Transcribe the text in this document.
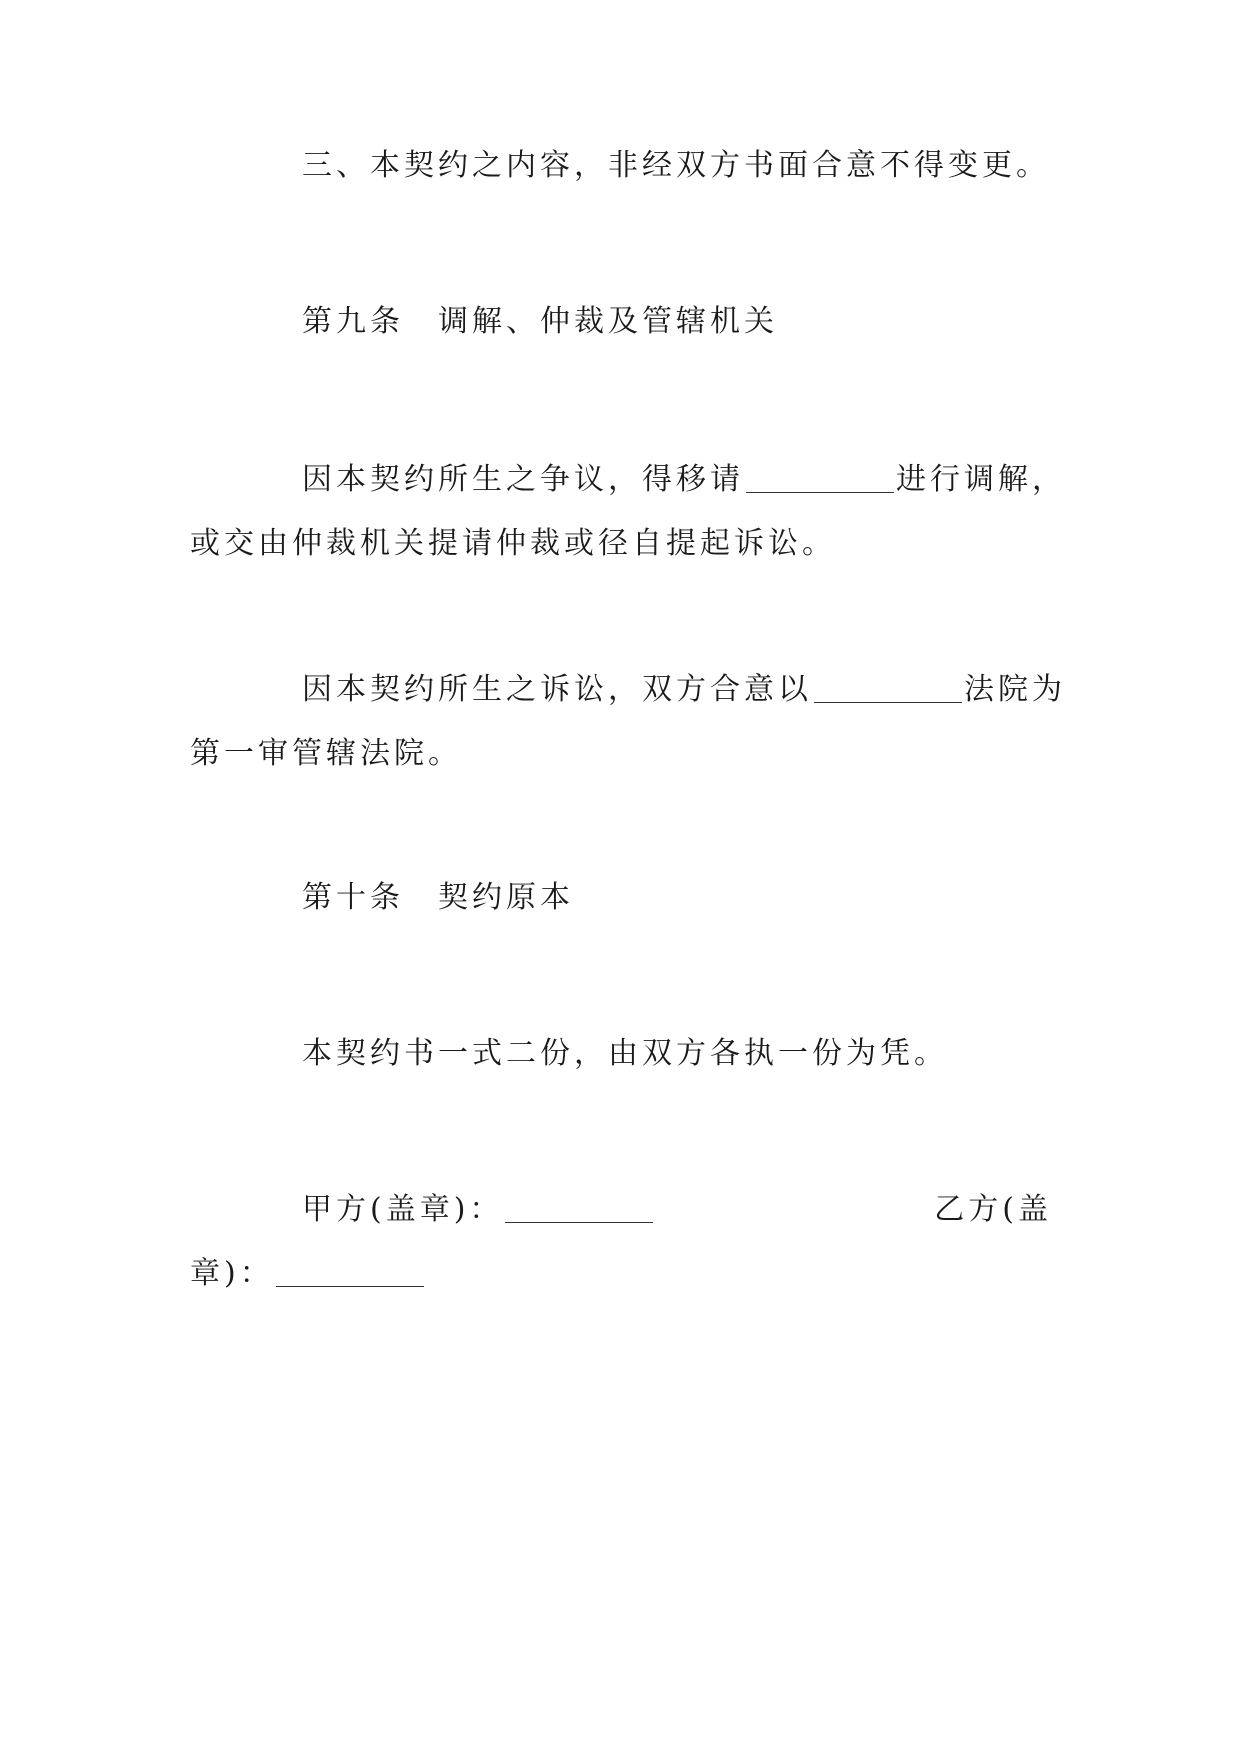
三、本契约之内容，非经双方书面合意不得变更。
第九条　调解、仲裁及管辖机关
因本契约所生之争议，得移请	进行调解，
或交由仲裁机关提请仲裁或径自提起诉讼。
因本契约所生之诉讼，双方合意以	法院为
第一审管辖法院。
第十条　契约原本
本契约书一式二份，由双方各执一份为凭。
甲方(盖章)：	乙方(盖
章)：
